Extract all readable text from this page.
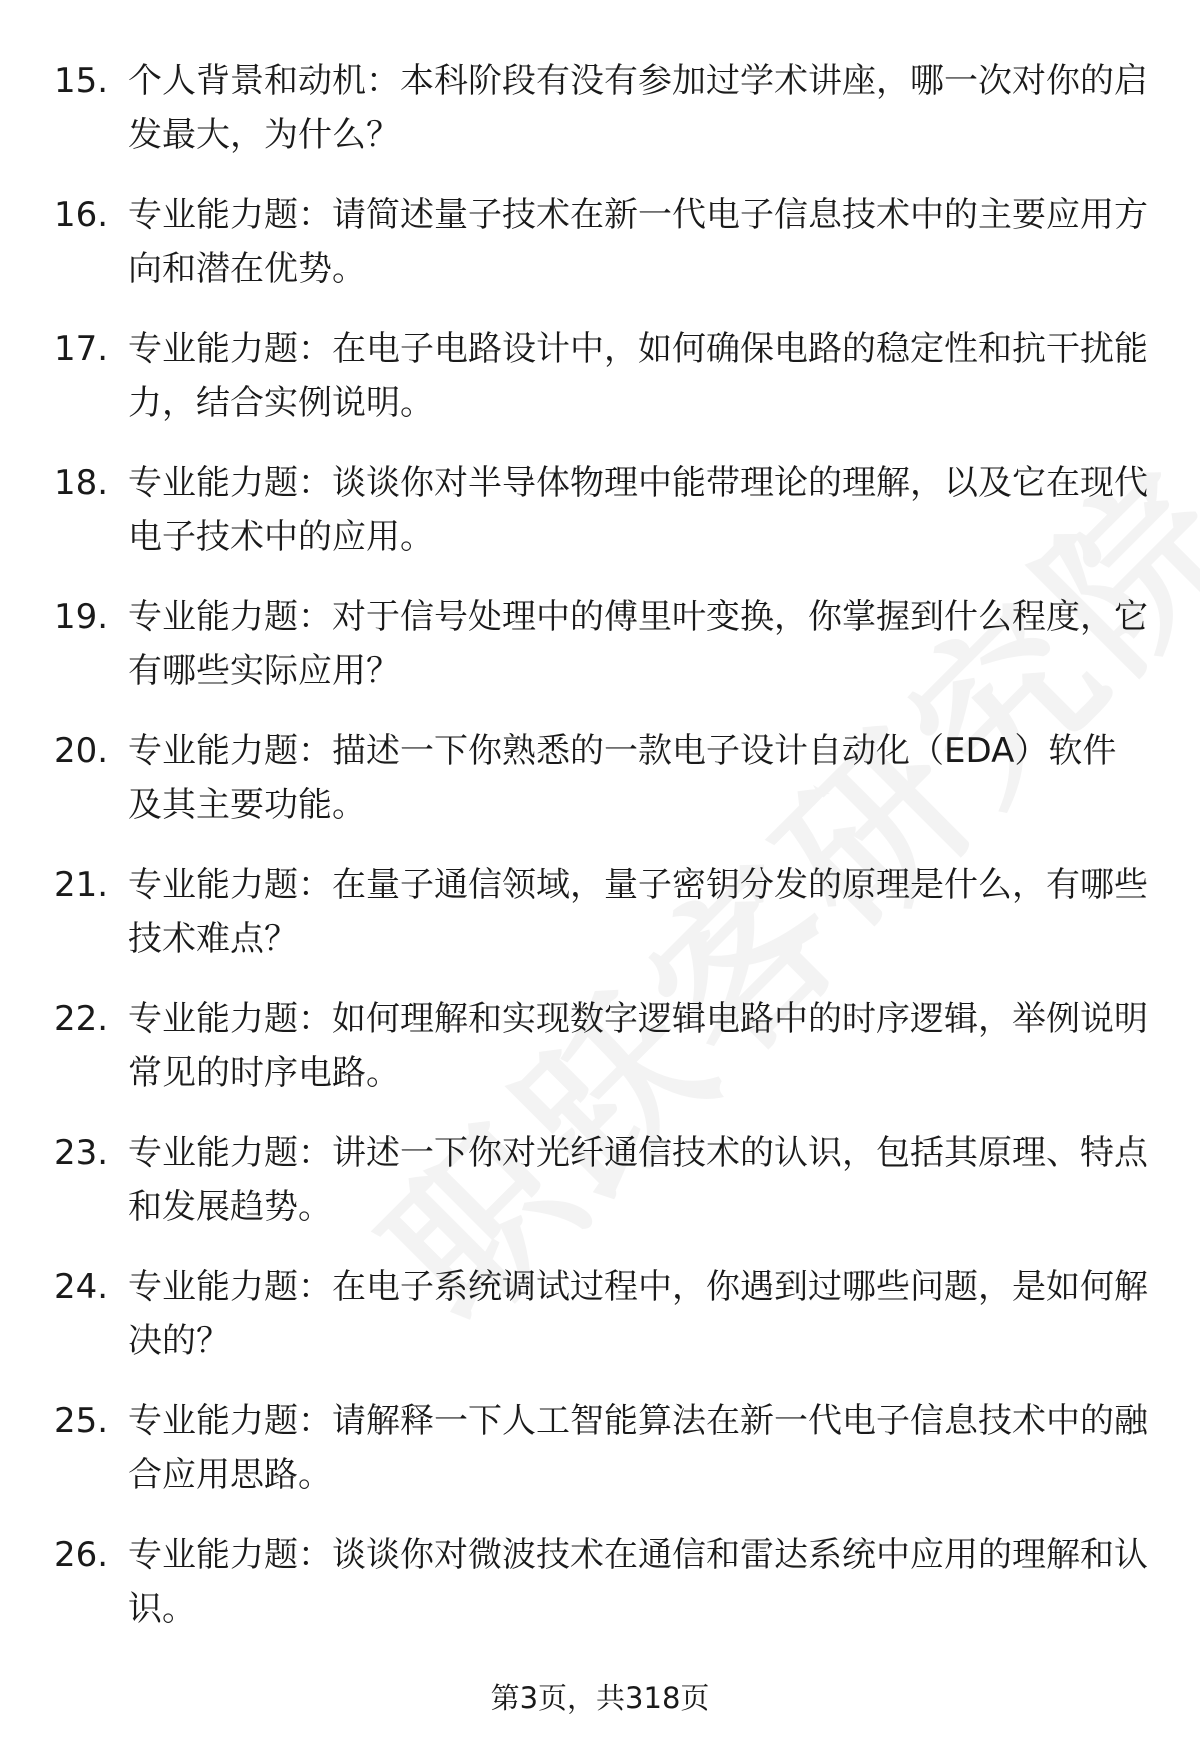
15. 个人背景和动机：本科阶段有没有参加过学术讲座，哪一次对你的启发最大，为什么？
16. 专业能力题：请简述量子技术在新一代电子信息技术中的主要应用方向和潜在优势。
17. 专业能力题：在电子电路设计中，如何确保电路的稳定性和抗干扰能力，结合实例说明。
18. 专业能力题：谈谈你对半导体物理中能带理论的理解，以及它在现代电子技术中的应用。
19. 专业能力题：对于信号处理中的傅里叶变换，你掌握到什么程度，它有哪些实际应用？
20. 专业能力题：描述一下你熟悉的一款电子设计自动化（EDA）软件及其主要功能。
21. 专业能力题：在量子通信领域，量子密钥分发的原理是什么，有哪些技术难点？
22. 专业能力题：如何理解和实现数字逻辑电路中的时序逻辑，举例说明常见的时序电路。
23. 专业能力题：讲述一下你对光纤通信技术的认识，包括其原理、特点和发展趋势。
24. 专业能力题：在电子系统调试过程中，你遇到过哪些问题，是如何解决的？
25. 专业能力题：请解释一下人工智能算法在新一代电子信息技术中的融合应用思路。
26. 专业能力题：谈谈你对微波技术在通信和雷达系统中应用的理解和认识。
第3页，共318页
